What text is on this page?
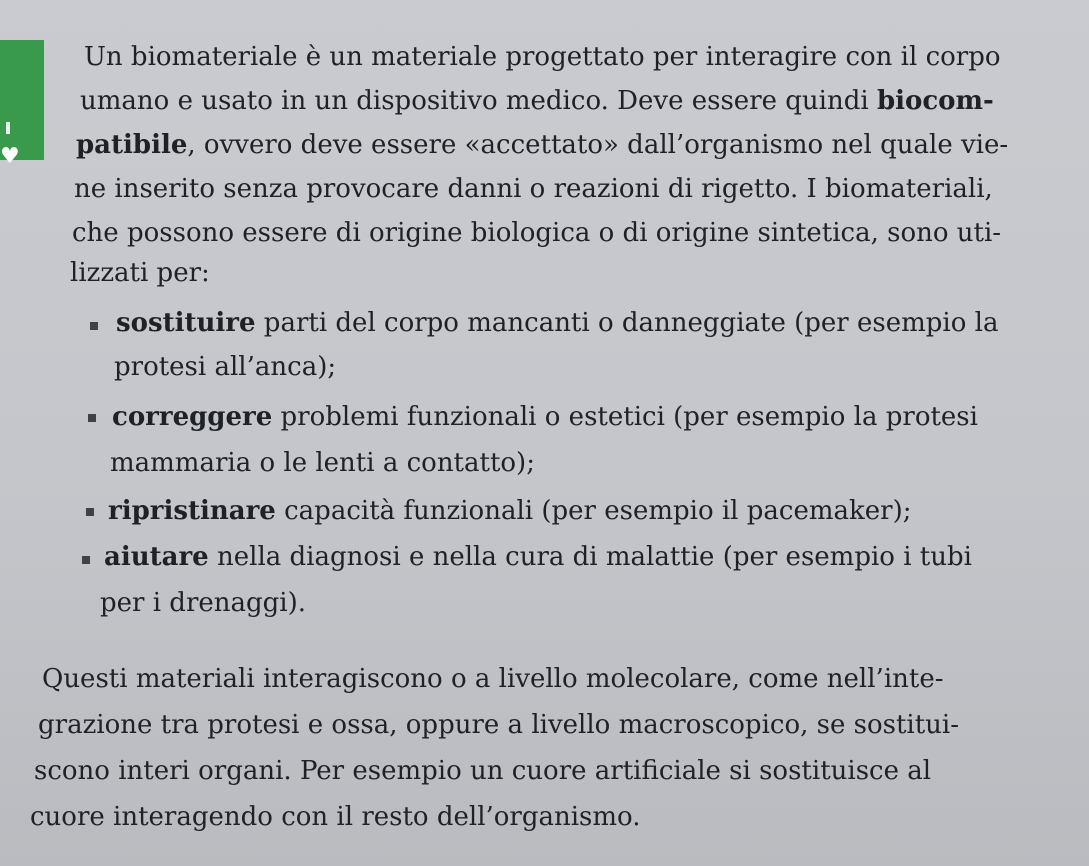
♥

Un biomateriale è un materiale progettato per interagire con il corpo

umano e usato in un dispositivo medico. Deve essere quindi biocom-

patibile, ovvero deve essere «accettato» dall’organismo nel quale vie-

ne inserito senza provocare danni o reazioni di rigetto. I biomateriali,

che possono essere di origine biologica o di origine sintetica, sono uti-

lizzati per:

sostituire parti del corpo mancanti o danneggiate (per esempio la

protesi all’anca);

correggere problemi funzionali o estetici (per esempio la protesi

mammaria o le lenti a contatto);

ripristinare capacità funzionali (per esempio il pacemaker);

aiutare nella diagnosi e nella cura di malattie (per esempio i tubi

per i drenaggi).

Questi materiali interagiscono o a livello molecolare, come nell’inte-

grazione tra protesi e ossa, oppure a livello macroscopico, se sostitui-

scono interi organi. Per esempio un cuore artificiale si sostituisce al

cuore interagendo con il resto dell’organismo.
